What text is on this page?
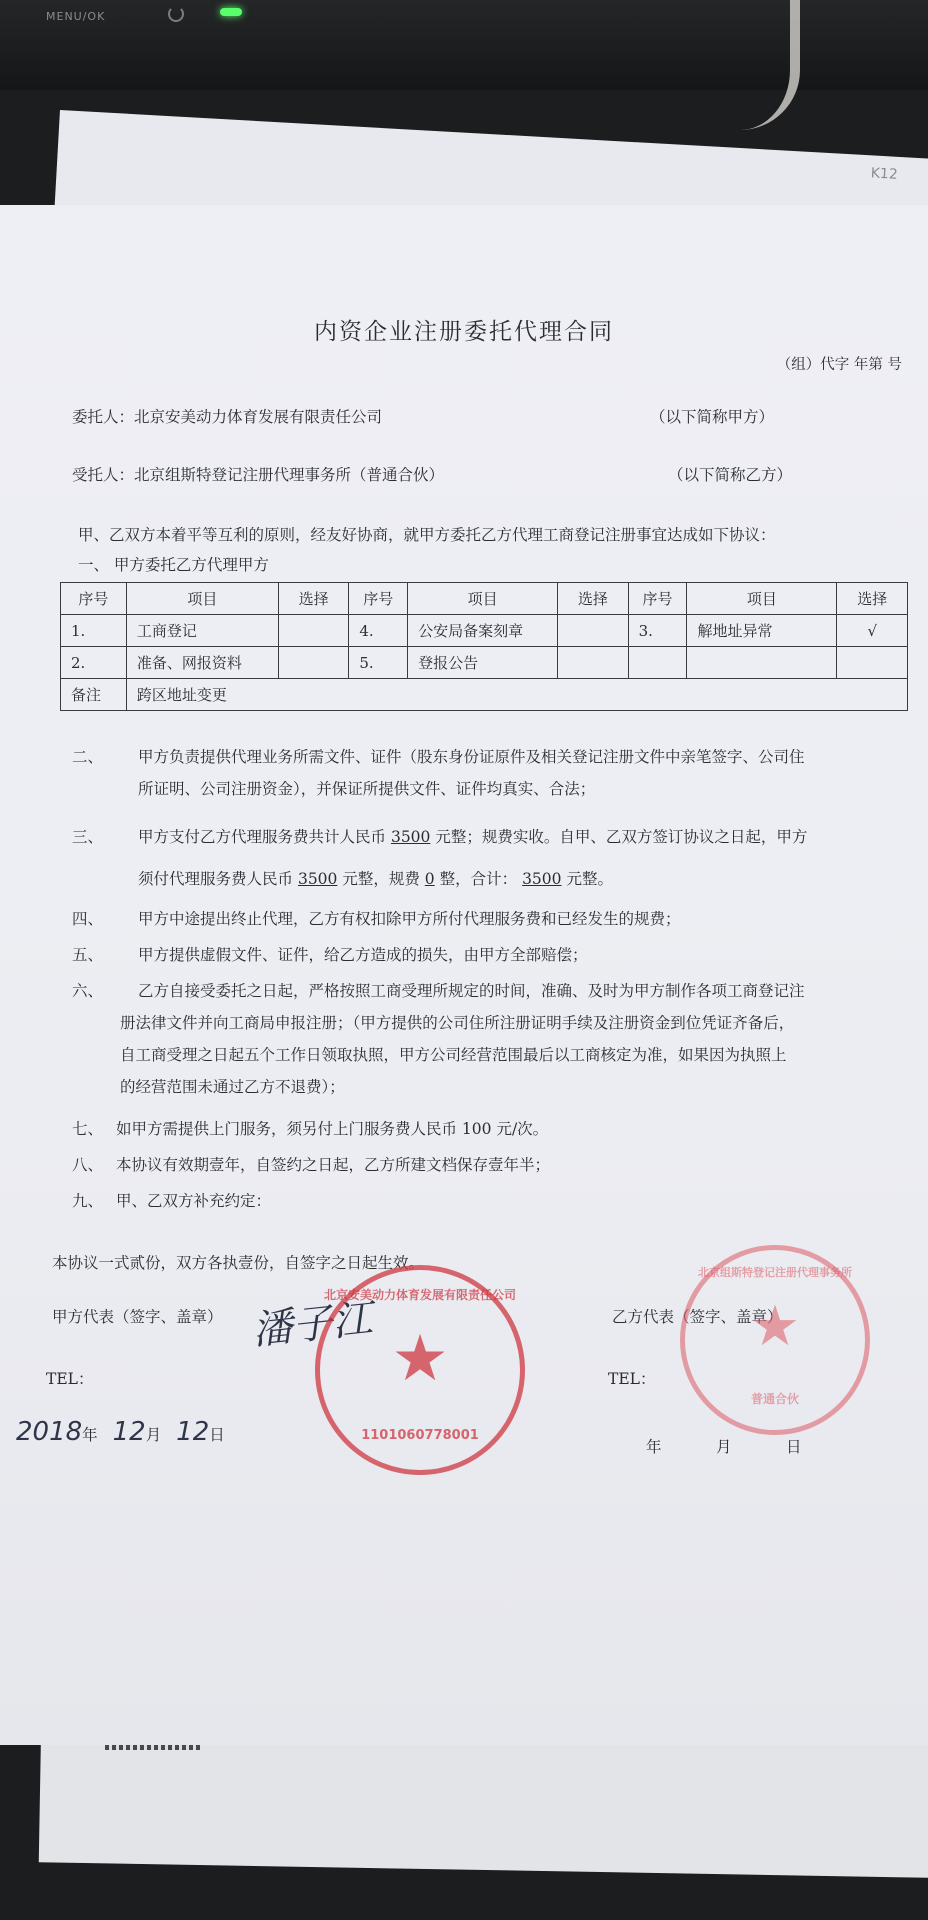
MENU/OK
K12
内资企业注册委托代理合同
（组）代字 年第 号
委托人：北京安美动力体育发展有限责任公司	（以下简称甲方）
受托人：北京组斯特登记注册代理事务所（普通合伙）	（以下简称乙方）
甲、乙双方本着平等互利的原则，经友好协商，就甲方委托乙方代理工商登记注册事宜达成如下协议：
一、 甲方委托乙方代理甲方
序号	项目	选择	序号	项目	选择	序号	项目	选择
1.	工商登记		4.	公安局备案刻章		3.	解地址异常	√
2.	准备、网报资料		5.	登报公告				
备注	跨区地址变更							
二、 甲方负责提供代理业务所需文件、证件（股东身份证原件及相关登记注册文件中亲笔签字、公司住
所证明、公司注册资金），并保证所提供文件、证件均真实、合法；
三、 甲方支付乙方代理服务费共计人民币 3500 元整；规费实收。自甲、乙双方签订协议之日起，甲方
须付代理服务费人民币 3500 元整，规费 0 整，合计： 3500 元整。
四、 甲方中途提出终止代理，乙方有权扣除甲方所付代理服务费和已经发生的规费；
五、 甲方提供虚假文件、证件，给乙方造成的损失，由甲方全部赔偿；
六、 乙方自接受委托之日起，严格按照工商受理所规定的时间，准确、及时为甲方制作各项工商登记注
册法律文件并向工商局申报注册；（甲方提供的公司住所注册证明手续及注册资金到位凭证齐备后，
自工商受理之日起五个工作日领取执照，甲方公司经营范围最后以工商核定为准，如果因为执照上
的经营范围未通过乙方不退费）；
七、 如甲方需提供上门服务，须另付上门服务费人民币 100 元/次。
八、 本协议有效期壹年，自签约之日起，乙方所建文档保存壹年半；
九、 甲、乙双方补充约定：
本协议一式贰份，双方各执壹份，自签字之日起生效。
甲方代表（签字、盖章） 潘子江
TEL：
2018年 12月 12日
北京安美动力体育发展有限责任公司
★
1101060778001
乙方代表（签字、盖章）
TEL：
年	月	日
北京组斯特登记注册代理事务所
★
普通合伙
